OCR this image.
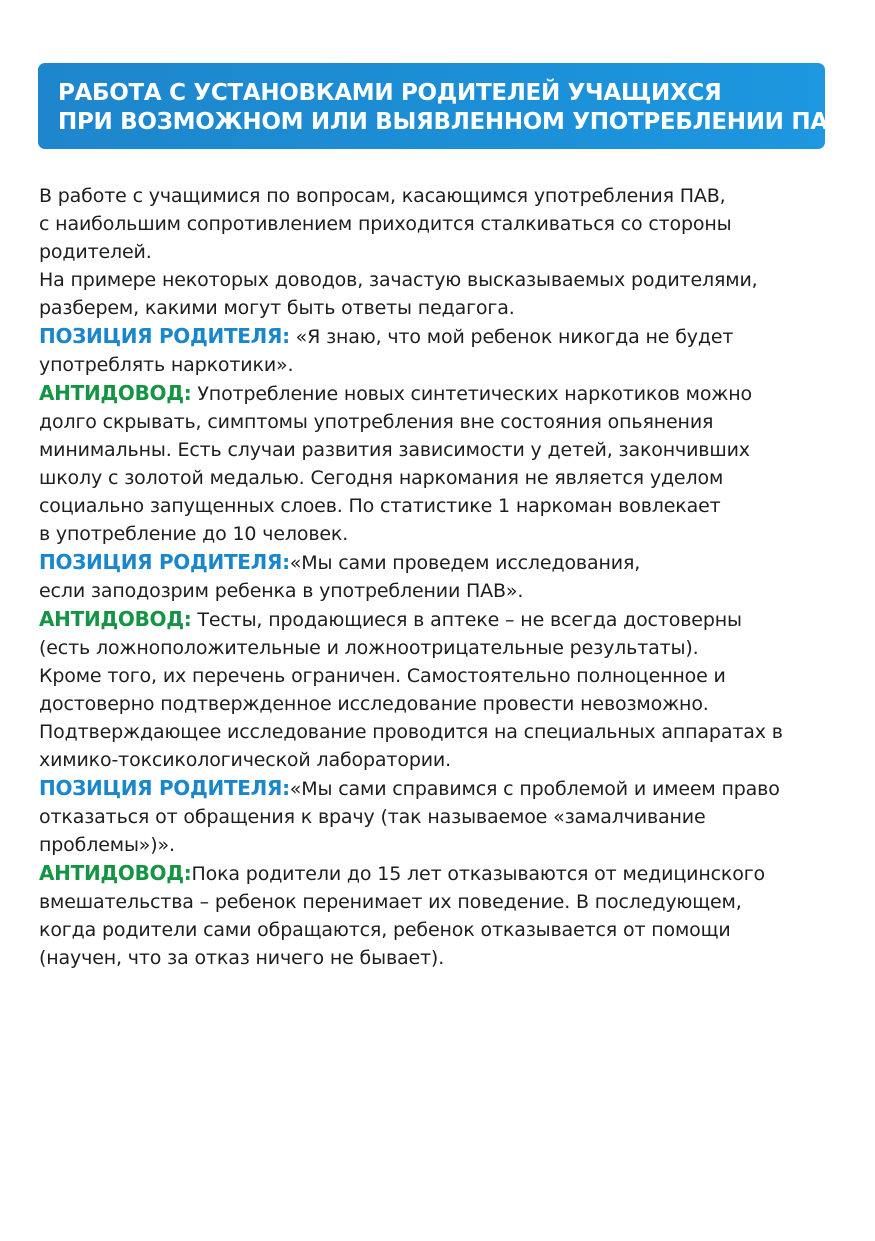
РАБОТА С УСТАНОВКАМИ РОДИТЕЛЕЙ УЧАЩИХСЯ
ПРИ ВОЗМОЖНОМ ИЛИ ВЫЯВЛЕННОМ УПОТРЕБЛЕНИИ ПАВ

В работе с учащимися по вопросам, касающимся употребления ПАВ,
с наибольшим сопротивлением приходится сталкиваться со стороны
родителей.

На примере некоторых доводов, зачастую высказываемых родителями,
разберем, какими могут быть ответы педагога.

ПОЗИЦИЯ РОДИТЕЛЯ: «Я знаю, что мой ребенок никогда не будет
употреблять наркотики».

АНТИДОВОД: Употребление новых синтетических наркотиков можно
долго скрывать, симптомы употребления вне состояния опьянения
минимальны. Есть случаи развития зависимости у детей, закончивших
школу с золотой медалью. Сегодня наркомания не является уделом
социально запущенных слоев. По статистике 1 наркоман вовлекает
в употребление до 10 человек.

ПОЗИЦИЯ РОДИТЕЛЯ:«Мы сами проведем исследования,
если заподозрим ребенка в употреблении ПАВ».

АНТИДОВОД: Тесты, продающиеся в аптеке – не всегда достоверны
(есть ложноположительные и ложноотрицательные результаты).
Кроме того, их перечень ограничен. Самостоятельно полноценное и
достоверно подтвержденное исследование провести невозможно.
Подтверждающее исследование проводится на специальных аппаратах в
химико-токсикологической лаборатории.

ПОЗИЦИЯ РОДИТЕЛЯ:«Мы сами справимся с проблемой и имеем право
отказаться от обращения к врачу (так называемое «замалчивание
проблемы»)».

АНТИДОВОД:Пока родители до 15 лет отказываются от медицинского
вмешательства – ребенок перенимает их поведение. В последующем,
когда родители сами обращаются, ребенок отказывается от помощи
(научен, что за отказ ничего не бывает).
